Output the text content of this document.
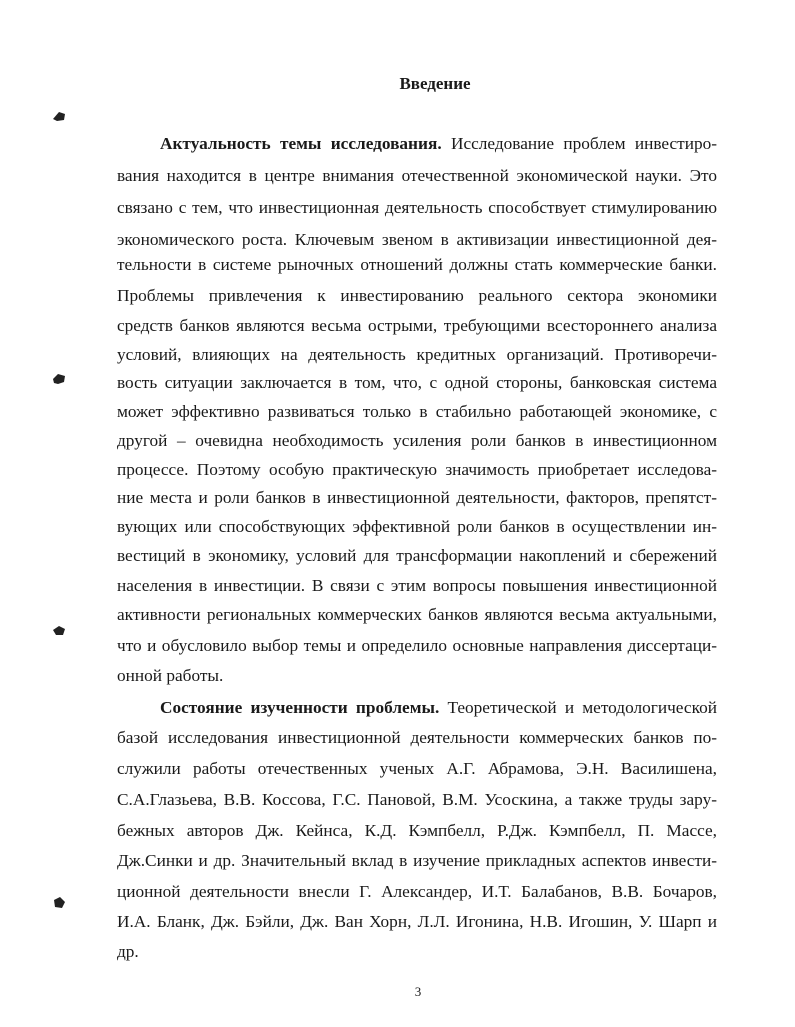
Введение
Актуальность темы исследования. Исследование проблем инвестиро-
вания находится в центре внимания отечественной экономической науки. Это
связано с тем, что инвестиционная деятельность способствует стимулированию
экономического роста. Ключевым звеном в активизации инвестиционной дея-
тельности в системе рыночных отношений должны стать коммерческие банки.
Проблемы привлечения к инвестированию реального сектора экономики
средств банков являются весьма острыми, требующими всестороннего анализа
условий, влияющих на деятельность кредитных организаций. Противоречи-
вость ситуации заключается в том, что, с одной стороны, банковская система
может эффективно развиваться только в стабильно работающей экономике, с
другой – очевидна необходимость усиления роли банков в инвестиционном
процессе. Поэтому особую практическую значимость приобретает исследова-
ние места и роли банков в инвестиционной деятельности, факторов, препятст-
вующих или способствующих эффективной роли банков в осуществлении ин-
вестиций в экономику, условий для трансформации накоплений и сбережений
населения в инвестиции. В связи с этим вопросы повышения инвестиционной
активности региональных коммерческих банков являются весьма актуальными,
что и обусловило выбор темы и определило основные направления диссертаци-
онной работы.
Состояние изученности проблемы. Теоретической и методологической
базой исследования инвестиционной деятельности коммерческих банков по-
служили работы отечественных ученых А.Г. Абрамова, Э.Н. Василишена,
С.А.Глазьева, В.В. Коссова, Г.С. Пановой, В.М. Усоскина, а также труды зару-
бежных авторов Дж. Кейнса, К.Д. Кэмпбелл, Р.Дж. Кэмпбелл, П. Массе,
Дж.Синки и др. Значительный вклад в изучение прикладных аспектов инвести-
ционной деятельности внесли Г. Александер, И.Т. Балабанов, В.В. Бочаров,
И.А. Бланк, Дж. Бэйли, Дж. Ван Хорн, Л.Л. Игонина, Н.В. Игошин, У. Шарп и
др.
3
